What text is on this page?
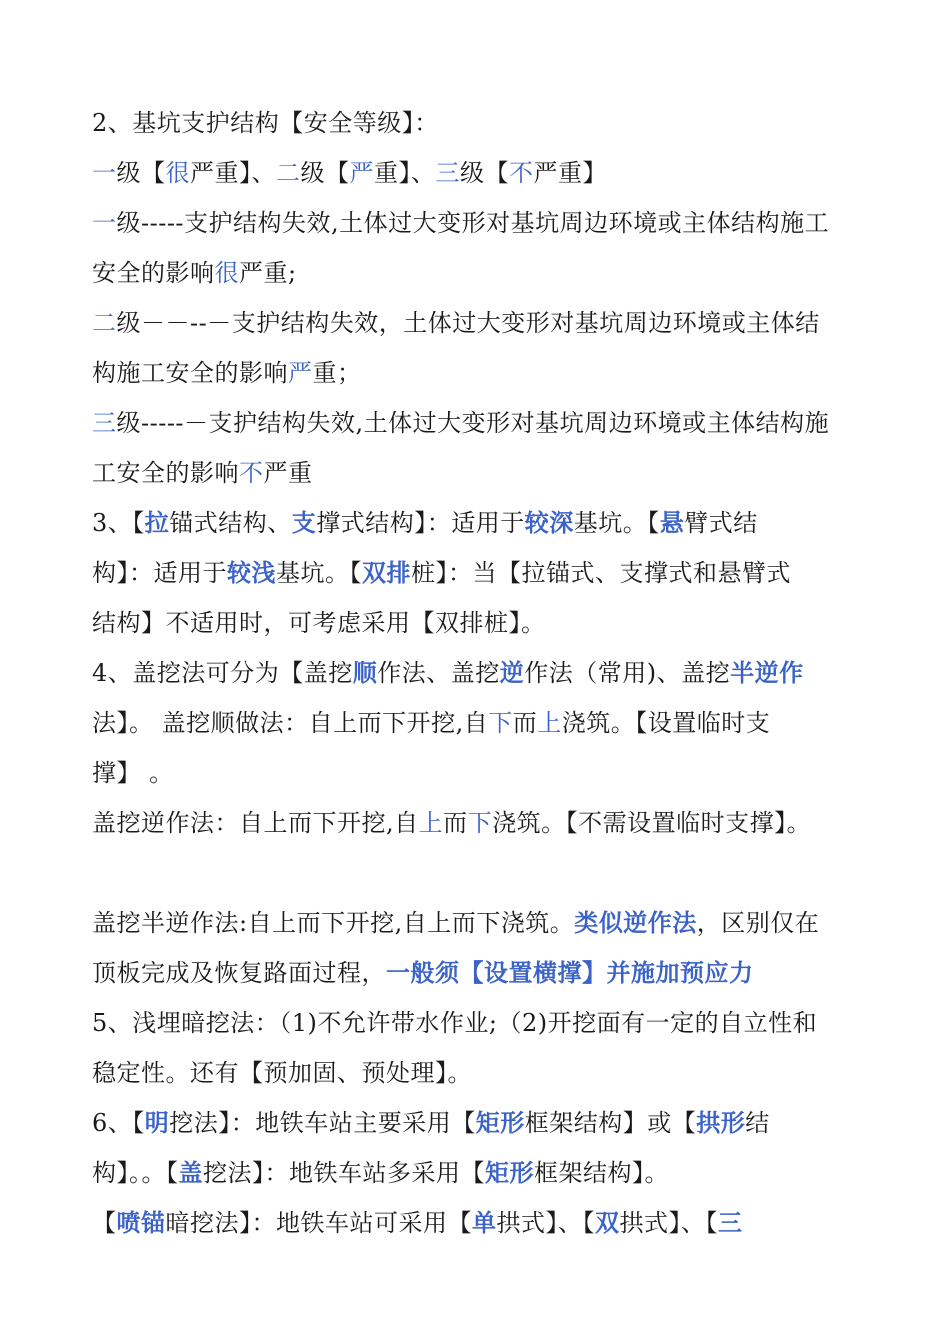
2、基坑支护结构【安全等级】：
一级【很严重】、二级【严重】、三级【不严重】
一级-----支护结构失效,土体过大变形对基坑周边环境或主体结构施工
安全的影响很严重;
二级－－--－支护结构失效，土体过大变形对基坑周边环境或主体结
构施工安全的影响严重；
三级-----－支护结构失效,土体过大变形对基坑周边环境或主体结构施
工安全的影响不严重
3、【拉锚式结构、支撑式结构】：适用于较深基坑。【悬臂式结
构】：适用于较浅基坑。【双排桩】：当【拉锚式、支撑式和悬臂式
结构】不适用时，可考虑采用【双排桩】。
4、盖挖法可分为【盖挖顺作法、盖挖逆作法（常用)、盖挖半逆作
法】。 盖挖顺做法：自上而下开挖,自下而上浇筑。【设置临时支
撑】 。
盖挖逆作法：自上而下开挖,自上而下浇筑。【不需设置临时支撑】。
盖挖半逆作法:自上而下开挖,自上而下浇筑。类似逆作法，区别仅在
顶板完成及恢复路面过程，一般须【设置横撑】并施加预应力
5、浅埋暗挖法：（1)不允许带水作业;（2)开挖面有一定的自立性和
稳定性。还有【预加固、预处理】。
6、【明挖法】：地铁车站主要采用【矩形框架结构】或【拱形结
构】。。【盖挖法】：地铁车站多采用【矩形框架结构】。
【喷锚暗挖法】：地铁车站可采用【单拱式】、【双拱式】、【三
